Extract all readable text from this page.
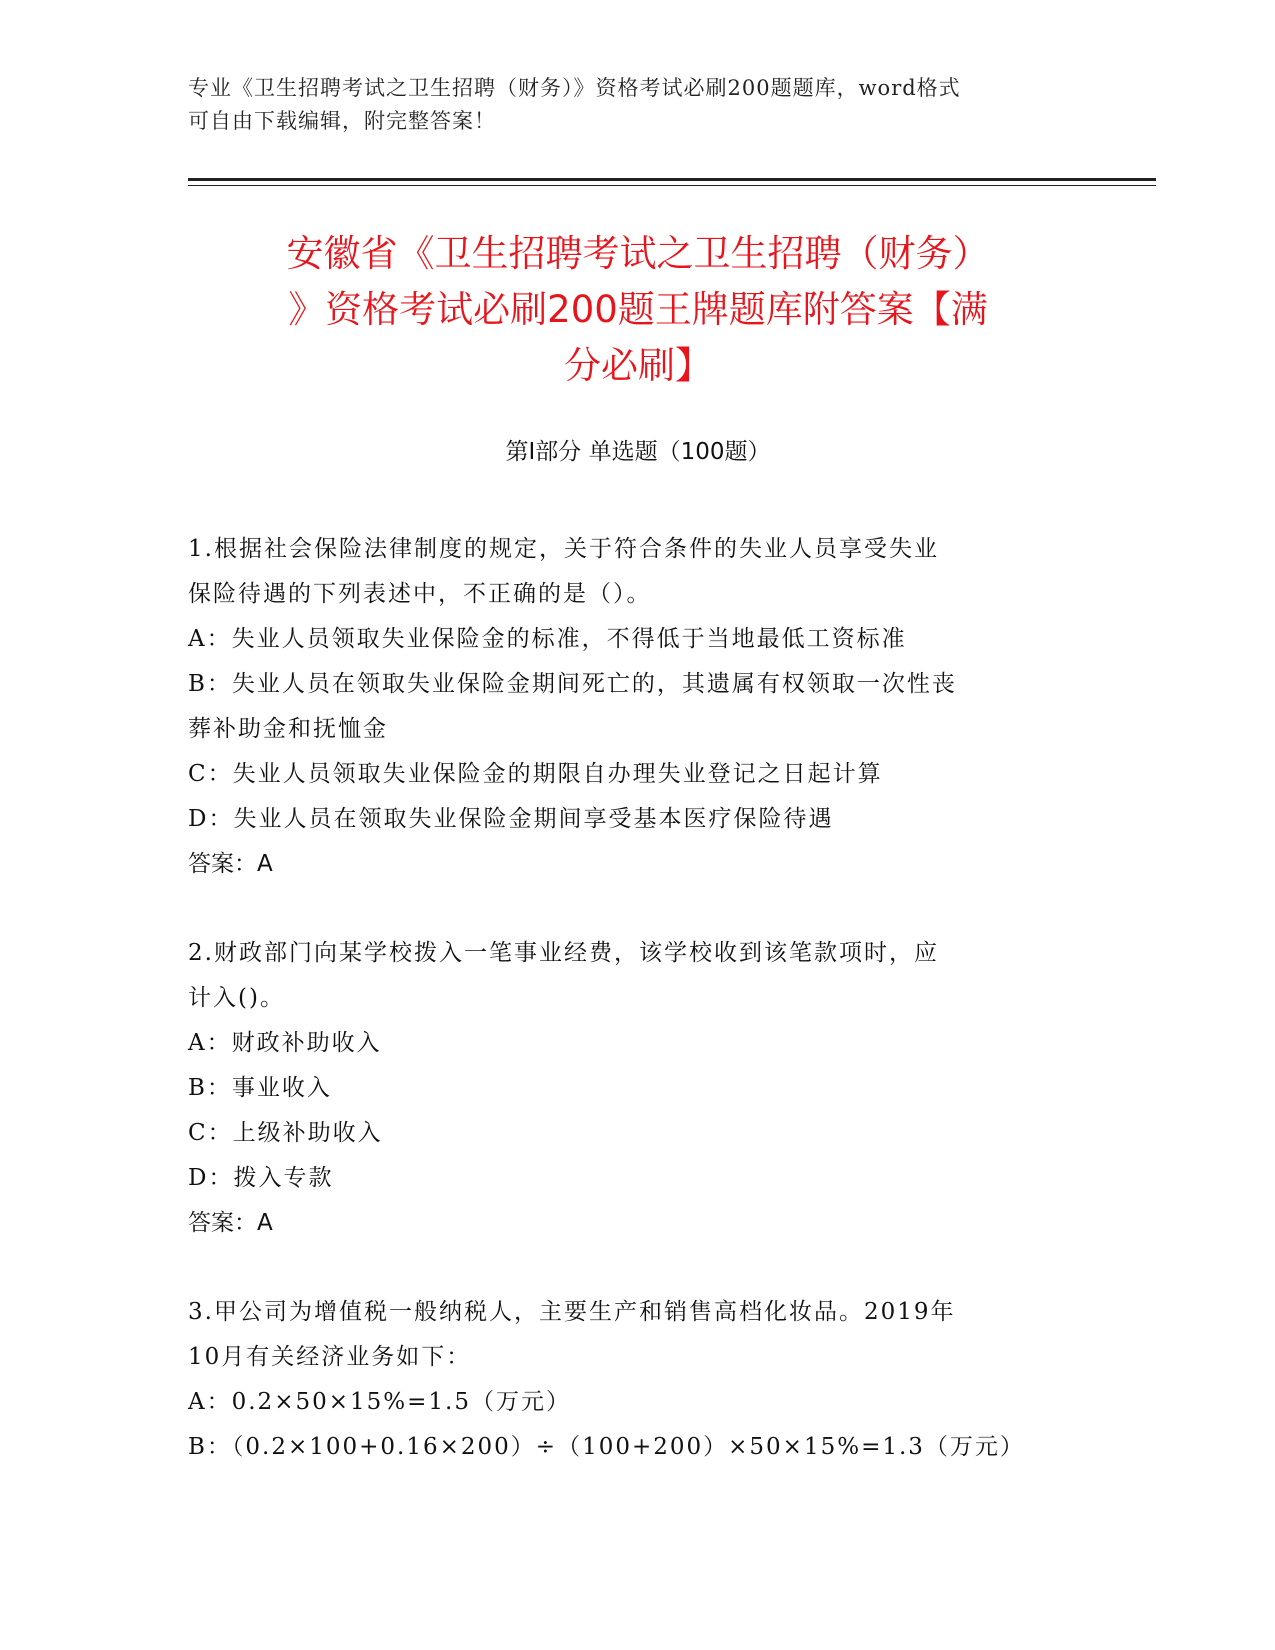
专业《卫生招聘考试之卫生招聘（财务）》资格考试必刷200题题库，word格式
可自由下载编辑，附完整答案！
安徽省《卫生招聘考试之卫生招聘（财务）
》资格考试必刷200题王牌题库附答案【满
分必刷】
第Ⅰ部分 单选题（100题）
1.根据社会保险法律制度的规定，关于符合条件的失业人员享受失业
保险待遇的下列表述中，不正确的是（）。
A：失业人员领取失业保险金的标准，不得低于当地最低工资标准
B：失业人员在领取失业保险金期间死亡的，其遗属有权领取一次性丧
葬补助金和抚恤金
C：失业人员领取失业保险金的期限自办理失业登记之日起计算
D：失业人员在领取失业保险金期间享受基本医疗保险待遇
答案：A
2.财政部门向某学校拨入一笔事业经费，该学校收到该笔款项时，应
计入()。
A：财政补助收入
B：事业收入
C：上级补助收入
D：拨入专款
答案：A
3.甲公司为增值税一般纳税人，主要生产和销售高档化妆品。2019年
10月有关经济业务如下：
A：0.2×50×15%=1.5（万元）
B：（0.2×100+0.16×200）÷（100+200）×50×15%=1.3（万元）
